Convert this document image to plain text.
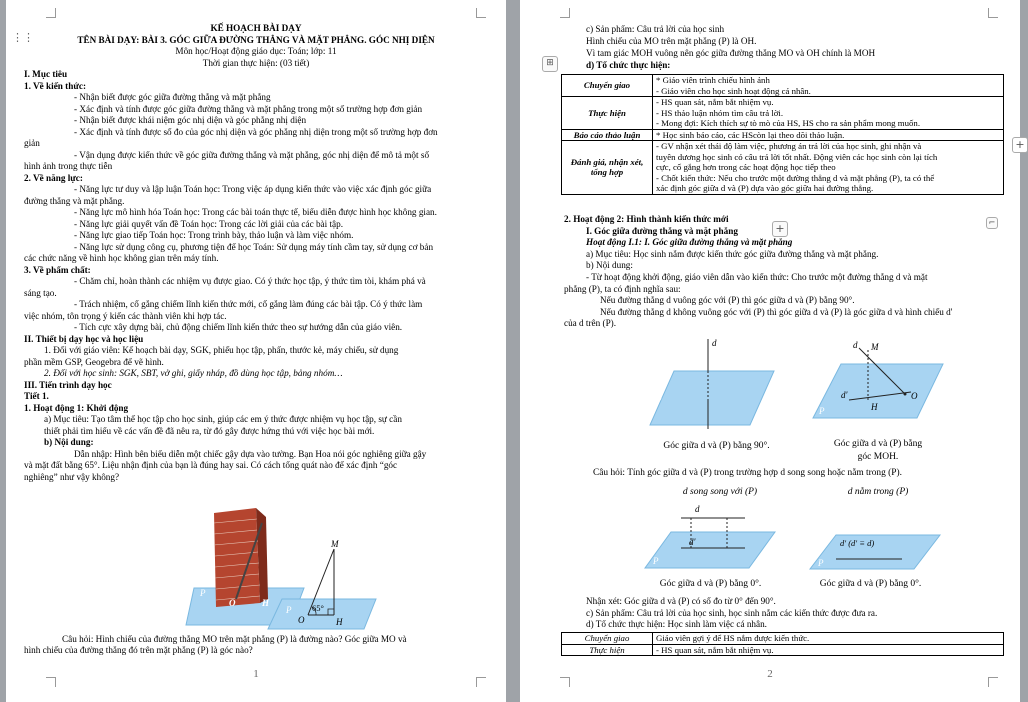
⋮⋮
KẾ HOẠCH BÀI DẠY
TÊN BÀI DẠY: BÀI 3. GÓC GIỮA ĐƯỜNG THẲNG VÀ MẶT PHẲNG. GÓC NHỊ DIỆN
Môn học/Hoạt động giáo dục: Toán; lớp: 11
Thời gian thực hiện: (03 tiết)
I. Mục tiêu
1. Về kiến thức:
- Nhận biết được góc giữa đường thẳng và mặt phẳng
- Xác định và tính được góc giữa đường thẳng và mặt phẳng trong một số trường hợp đơn giản
- Nhận biết được khái niệm góc nhị diện và góc phẳng nhị diện
- Xác định và tính được số đo của góc nhị diện và góc phẳng nhị diện trong một số trường hợp đơn
giản
- Vận dụng được kiến thức về góc giữa đường thẳng và mặt phẳng, góc nhị diện để mô tả một số
hình ảnh trong thực tiễn
2. Về năng lực:
- Năng lực tư duy và lập luận Toán học: Trong việc áp dụng kiến thức vào việc xác định góc giữa
đường thẳng và mặt phẳng.
- Năng lực mô hình hóa Toán học: Trong các bài toán thực tế, biểu diễn được hình học không gian.
- Năng lực giải quyết vấn đề Toán học: Trong các lời giải của các bài tập.
- Năng lực giao tiếp Toán học: Trong trình bày, thảo luận và làm việc nhóm.
- Năng lực sử dụng công cụ, phương tiện để học Toán: Sử dụng máy tính cầm tay, sử dụng cơ bản
các chức năng về hình học không gian trên máy tính.
3. Về phẩm chất:
- Chăm chỉ, hoàn thành các nhiệm vụ được giao. Có ý thức học tập, ý thức tìm tòi, khám phá và
sáng tạo.
- Trách nhiệm, cố gắng chiếm lĩnh kiến thức mới, cố gắng làm đúng các bài tập. Có ý thức làm
việc nhóm, tôn trọng ý kiến các thành viên khi hợp tác.
- Tích cực xây dựng bài, chủ động chiếm lĩnh kiến thức theo sự hướng dẫn của giáo viên.
II. Thiết bị dạy học và học liệu
1. Đối với giáo viên: Kế hoạch bài dạy, SGK, phiếu học tập, phấn, thước kẻ, máy chiếu, sử dụng
phần mềm GSP, Geogebra để vẽ hình.
2. Đối với học sinh: SGK, SBT, vở ghi, giấy nháp, đồ dùng học tập, bảng nhóm…
III. Tiến trình dạy học
Tiết 1.
1. Hoạt động 1: Khởi động
a) Mục tiêu: Tạo tâm thế học tập cho học sinh, giúp các em ý thức được nhiệm vụ học tập, sự cần
thiết phải tìm hiểu về các vấn đề đã nêu ra, từ đó gây được hứng thú với việc học bài mới.
b) Nội dung:
Dẫn nhập: Hình bên biểu diễn một chiếc gậy dựa vào tường. Bạn Hoa nói góc nghiêng giữa gậy
và mặt đất bằng 65°. Liệu nhận định của bạn là đúng hay sai. Có cách tổng quát nào để xác định “góc
nghiêng” như vậy không?
P
O	H
M
O	H
65°
P
Câu hỏi: Hình chiếu của đường thẳng MO trên mặt phẳng (P) là đường nào? Góc giữa MO và
hình chiếu của đường thẳng đó trên mặt phẳng (P) là góc nào?
1
⊞
+
+	⌐
c) Sản phẩm: Câu trả lời của học sinh
Hình chiếu của MO trên mặt phẳng (P) là OH.
Vì tam giác MOH vuông nên góc giữa đường thẳng MO và OH chính là MOH
d) Tổ chức thực hiện:
Chuyển giao	* Giáo viên trình chiếu hình ảnh
- Giáo viên cho học sinh hoạt động cá nhân.

Thực hiện	- HS quan sát, nắm bắt nhiệm vụ.
- HS thảo luận nhóm tìm câu trả lời.
- Mong đợi: Kích thích sự tò mò của HS, HS cho ra sản phẩm mong muốn.

Báo cáo thảo luận	* Học sinh báo cáo, các HScòn lại theo dõi thảo luận.

Đánh giá, nhận xét, tổng hợp	- GV nhận xét thái độ làm việc, phương án trả lời của học sinh, ghi nhận và
tuyên dương học sinh có câu trả lời tốt nhất. Động viên các học sinh còn lại tích
cực, cố gắng hơn trong các hoạt động học tiếp theo
- Chốt kiến thức: Nếu cho trước một đường thẳng d và mặt phẳng (P), ta có thể
xác định góc giữa d và (P) dựa vào góc giữa hai đường thẳng.
2. Hoạt động 2: Hình thành kiến thức mới
I. Góc giữa đường thẳng và mặt phẳng
Hoạt động I.1: I. Góc giữa đường thẳng và mặt phẳng
a) Mục tiêu: Học sinh nắm được kiến thức góc giữa đường thẳng và mặt phẳng.
b) Nội dung:
- Từ hoạt động khởi động, giáo viên dẫn vào kiến thức: Cho trước một đường thẳng d và mặt
phẳng (P), ta có định nghĩa sau:
Nếu đường thẳng d vuông góc với (P) thì góc giữa d và (P) bằng 90°.
Nếu đường thẳng d không vuông góc với (P) thì góc giữa d và (P) là góc giữa d và hình chiếu d'
của d trên (P).
d
P
Góc giữa d và (P) bằng 90°.
M
d
H
O
d'
P
Góc giữa d và (P) bằng
góc MOH.
Câu hỏi: Tính góc giữa d và (P) trong trường hợp d song song hoặc nằm trong (P).
d song song với (P)	d nằm trong (P)
d
d'
P
Góc giữa d và (P) bằng 0°.
d' (d' ≡ d)
P
Góc giữa d và (P) bằng 0°.
Nhận xét: Góc giữa d và (P) có số đo từ 0° đến 90°.
c) Sản phẩm: Câu trả lời của học sinh, học sinh nắm các kiến thức được đưa ra.
d) Tổ chức thực hiện: Học sinh làm việc cá nhân.
Chuyển giao	Giáo viên gợi ý để HS nắm được kiến thức.
Thực hiện	- HS quan sát, nắm bắt nhiệm vụ.
2
